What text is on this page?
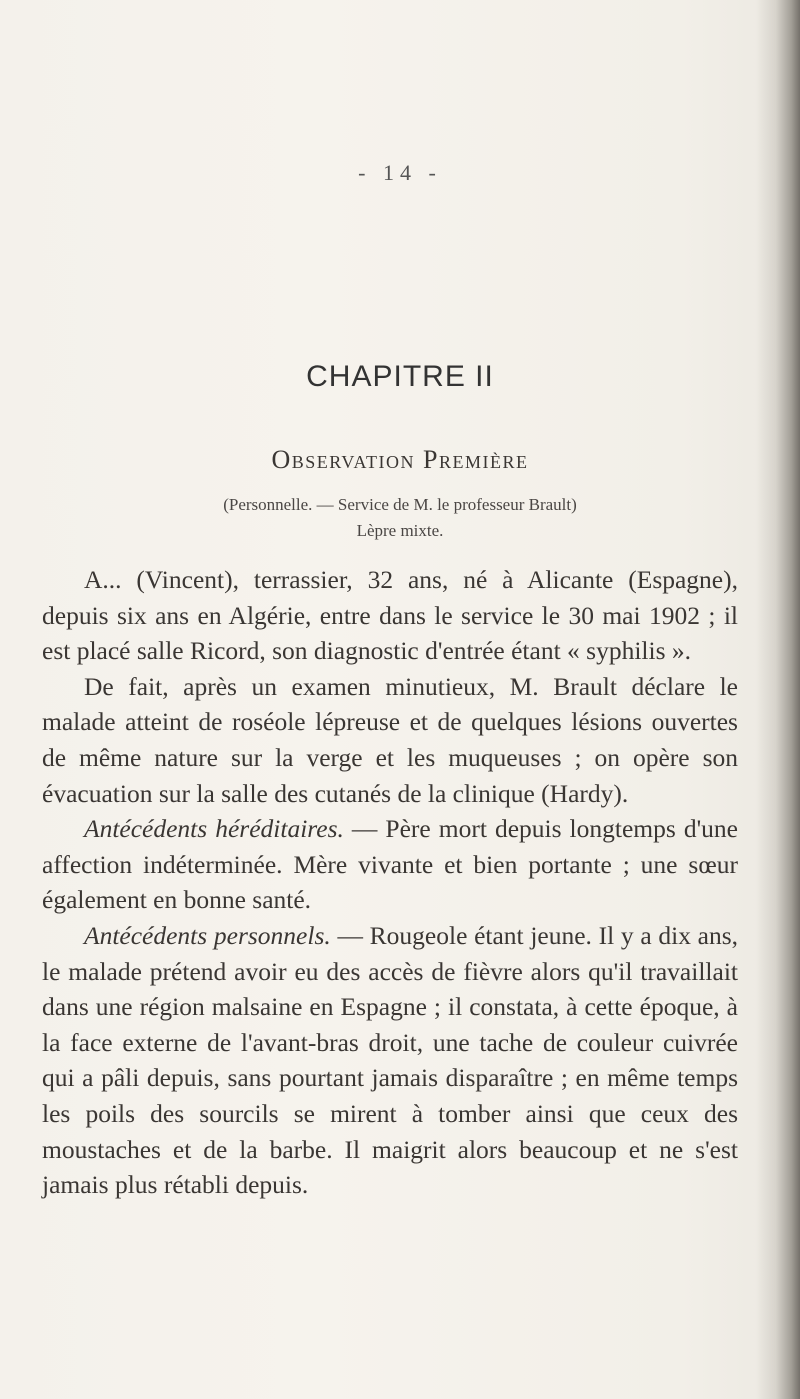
- 14 -
CHAPITRE II
Observation Première
(Personnelle. — Service de M. le professeur Brault)
Lèpre mixte.

A... (Vincent), terrassier, 32 ans, né à Alicante (Espagne), depuis six ans en Algérie, entre dans le service le 30 mai 1902 ; il est placé salle Ricord, son diagnostic d'entrée étant « syphilis ».

De fait, après un examen minutieux, M. Brault déclare le malade atteint de roséole lépreuse et de quelques lésions ouvertes de même nature sur la verge et les muqueuses ; on opère son évacuation sur la salle des cutanés de la clinique (Hardy).

Antécédents héréditaires. — Père mort depuis longtemps d'une affection indéterminée. Mère vivante et bien portante ; une sœur également en bonne santé.

Antécédents personnels. — Rougeole étant jeune. Il y a dix ans, le malade prétend avoir eu des accès de fièvre alors qu'il travaillait dans une région malsaine en Espagne ; il constata, à cette époque, à la face externe de l'avant-bras droit, une tache de couleur cuivrée qui a pâli depuis, sans pourtant jamais disparaître ; en même temps les poils des sourcils se mirent à tomber ainsi que ceux des moustaches et de la barbe. Il maigrit alors beaucoup et ne s'est jamais plus rétabli depuis.
